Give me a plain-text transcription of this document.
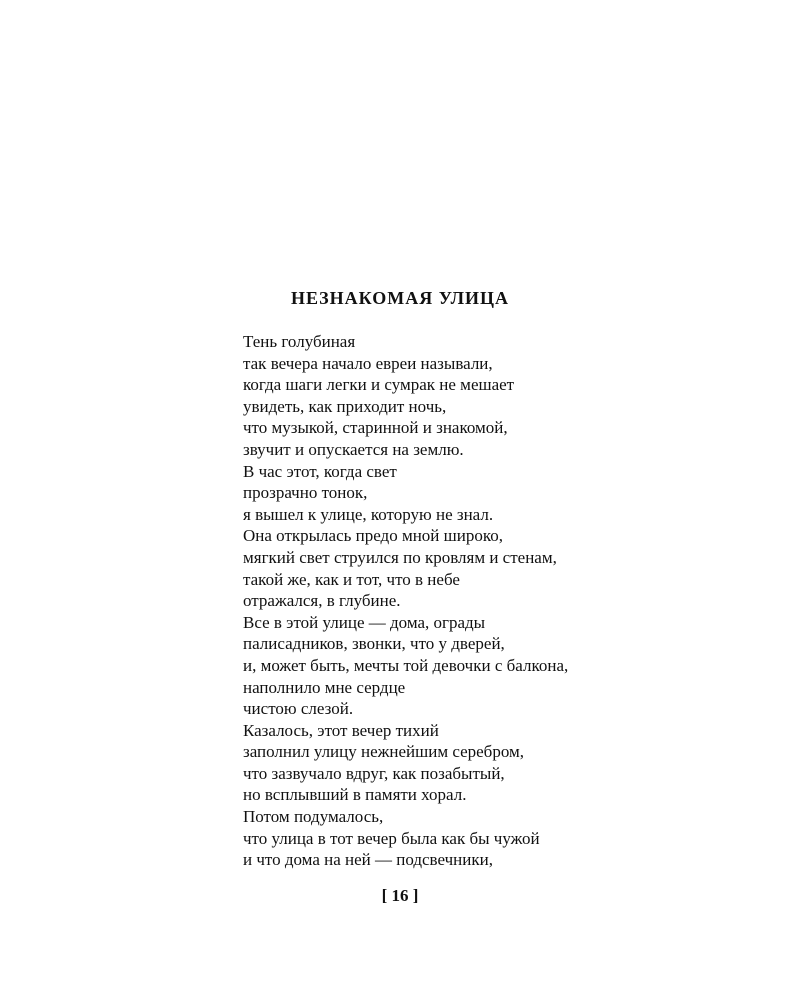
НЕЗНАКОМАЯ УЛИЦА
Тень голубиная
так вечера начало евреи называли,
когда шаги легки и сумрак не мешает
увидеть, как приходит ночь,
что музыкой, старинной и знакомой,
звучит и опускается на землю.
В час этот, когда свет
прозрачно тонок,
я вышел к улице, которую не знал.
Она открылась предо мной широко,
мягкий свет струился по кровлям и стенам,
такой же, как и тот, что в небе
отражался, в глубине.
Все в этой улице — дома, ограды
палисадников, звонки, что у дверей,
и, может быть, мечты той девочки с балкона,
наполнило мне сердце
чистою слезой.
Казалось, этот вечер тихий
заполнил улицу нежнейшим серебром,
что зазвучало вдруг, как позабытый,
но всплывший в памяти хорал.
Потом подумалось,
что улица в тот вечер была как бы чужой
и что дома на ней — подсвечники,
[ 16 ]
